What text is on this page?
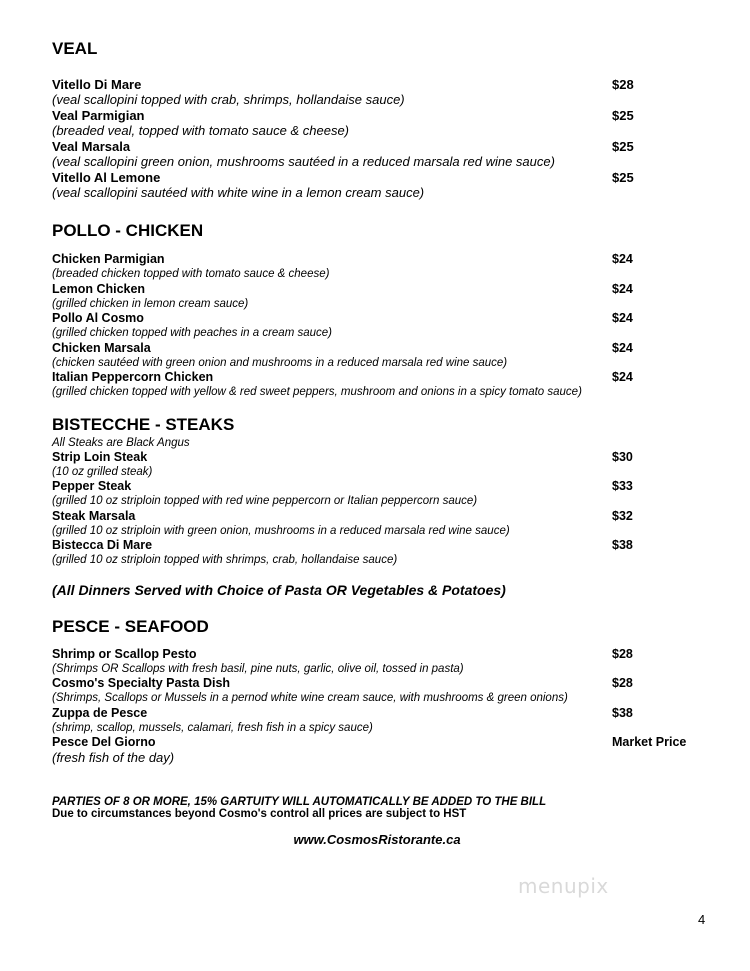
VEAL
Vitello Di Mare	$28
(veal scallopini topped with crab, shrimps, hollandaise sauce)
Veal Parmigian	$25
(breaded veal, topped with tomato sauce & cheese)
Veal Marsala	$25
(veal scallopini green onion, mushrooms sautéed in a reduced marsala red wine sauce)
Vitello Al Lemone	$25
(veal scallopini sautéed with white wine in a lemon cream sauce)
POLLO - CHICKEN
Chicken Parmigian	$24
(breaded chicken topped with tomato sauce & cheese)
Lemon Chicken	$24
(grilled chicken in lemon cream sauce)
Pollo Al Cosmo	$24
(grilled chicken topped with peaches in a cream sauce)
Chicken Marsala	$24
(chicken sautéed with green onion and mushrooms in a reduced marsala red wine sauce)
Italian Peppercorn Chicken	$24
(grilled chicken topped with yellow & red sweet peppers, mushroom and onions in a spicy tomato sauce)
BISTECCHE - STEAKS
All Steaks are Black Angus
Strip Loin Steak	$30
(10 oz grilled steak)
Pepper Steak	$33
(grilled 10 oz striploin topped with red wine peppercorn or Italian peppercorn sauce)
Steak Marsala	$32
(grilled 10 oz striploin with green onion, mushrooms in a reduced marsala red wine sauce)
Bistecca Di Mare	$38
(grilled 10 oz striploin topped with shrimps, crab, hollandaise sauce)
(All Dinners Served with Choice of Pasta OR Vegetables & Potatoes)
PESCE - SEAFOOD
Shrimp or Scallop Pesto	$28
(Shrimps OR Scallops with fresh basil, pine nuts, garlic, olive oil, tossed in pasta)
Cosmo's Specialty Pasta Dish	$28
(Shrimps, Scallops or Mussels in a pernod white wine cream sauce, with mushrooms & green onions)
Zuppa de Pesce	$38
(shrimp, scallop, mussels, calamari, fresh fish in a spicy sauce)
Pesce Del Giorno	Market Price
(fresh fish of the day)
PARTIES OF 8 OR MORE, 15% GARTUITY WILL AUTOMATICALLY BE ADDED TO THE BILL
Due to circumstances beyond Cosmo's control all prices are subject to HST
www.CosmosRistorante.ca
menupix
4
